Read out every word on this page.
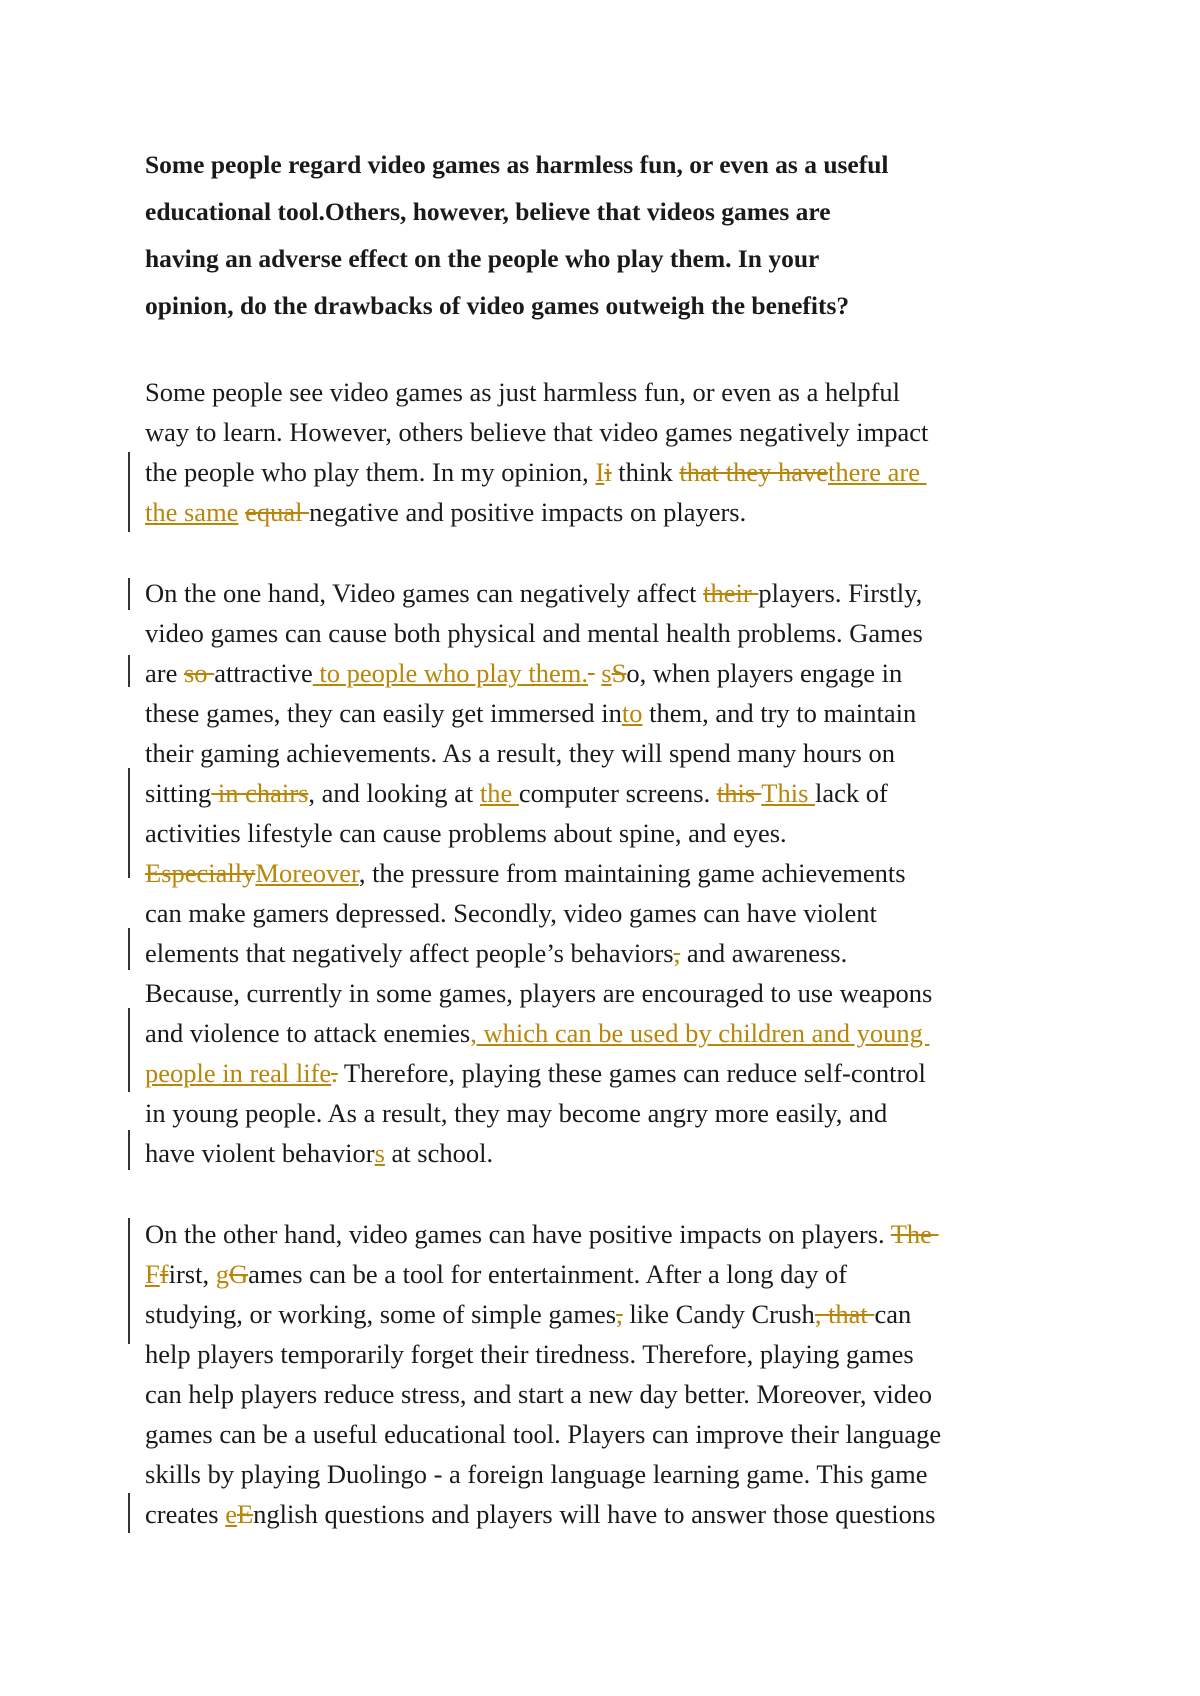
Some people regard video games as harmless fun, or even as a useful
educational tool.Others, however, believe that videos games are
having an adverse effect on the people who play them. In your
opinion, do the drawbacks of video games outweigh the benefits?
Some people see video games as just harmless fun, or even as a helpful
way to learn. However, others believe that video games negatively impact
the people who play them. In my opinion, Ii think that they havethere are
the same equal negative and positive impacts on players.
On the one hand, Video games can negatively affect their players. Firstly,
video games can cause both physical and mental health problems. Games
are so attractive to people who play them. sSo, when players engage in
these games, they can easily get immersed into them, and try to maintain
their gaming achievements. As a result, they will spend many hours on
sitting in chairs, and looking at the computer screens. this This lack of
activities lifestyle can cause problems about spine, and eyes.
EspeciallyMoreover, the pressure from maintaining game achievements
can make gamers depressed. Secondly, video games can have violent
elements that negatively affect people’s behaviors, and awareness.
Because, currently in some games, players are encouraged to use weapons
and violence to attack enemies, which can be used by children and young
people in real life. Therefore, playing these games can reduce self-control
in young people. As a result, they may become angry more easily, and
have violent behaviors at school.
On the other hand, video games can have positive impacts on players. The
Ffirst, gGames can be a tool for entertainment. After a long day of
studying, or working, some of simple games, like Candy Crush, that can
help players temporarily forget their tiredness. Therefore, playing games
can help players reduce stress, and start a new day better. Moreover, video
games can be a useful educational tool. Players can improve their language
skills by playing Duolingo - a foreign language learning game. This game
creates eEnglish questions and players will have to answer those questions
